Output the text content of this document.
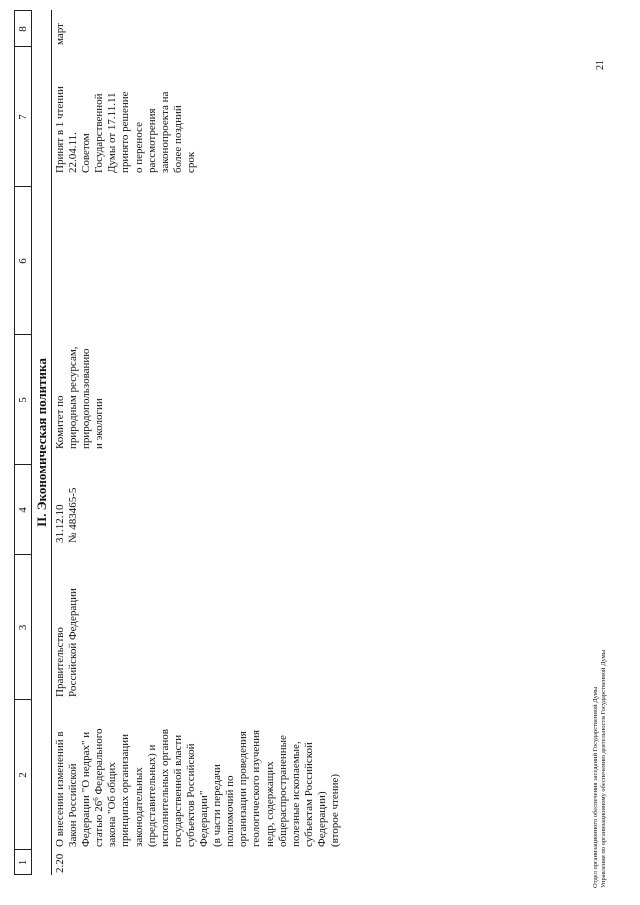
1
2
3
4
5
6
7
8
II. Экономическая политика
2.20
О внесении изменений в Закон Российской Федерации "О недрах" и статью $26^6$ Федерального
закона "Об общих принципах организации законодательных (представительных) и исполнительных органов государственной власти субъектов Российской Федерации" (в части передачи полномочий по организации проведения геологического изучения недр, содержащих общераспространенные полезные ископаемые, субъектам Российской Федерации) (второе чтение)
Правительство Российской Федерации
31.12.10 № 483465-5
Комитет по природным ресурсам, природопользованию и экологии
Принят в 1 чтении 22.04.11. Советом Государственной Думы от 17.11.11 принято решение о переносе рассмотрения законопроекта на более поздний срок
март
21
Отдел организационного обеспечения заседаний Государственной Думы Управления по организационному обеспечению деятельности Государственной Думы
